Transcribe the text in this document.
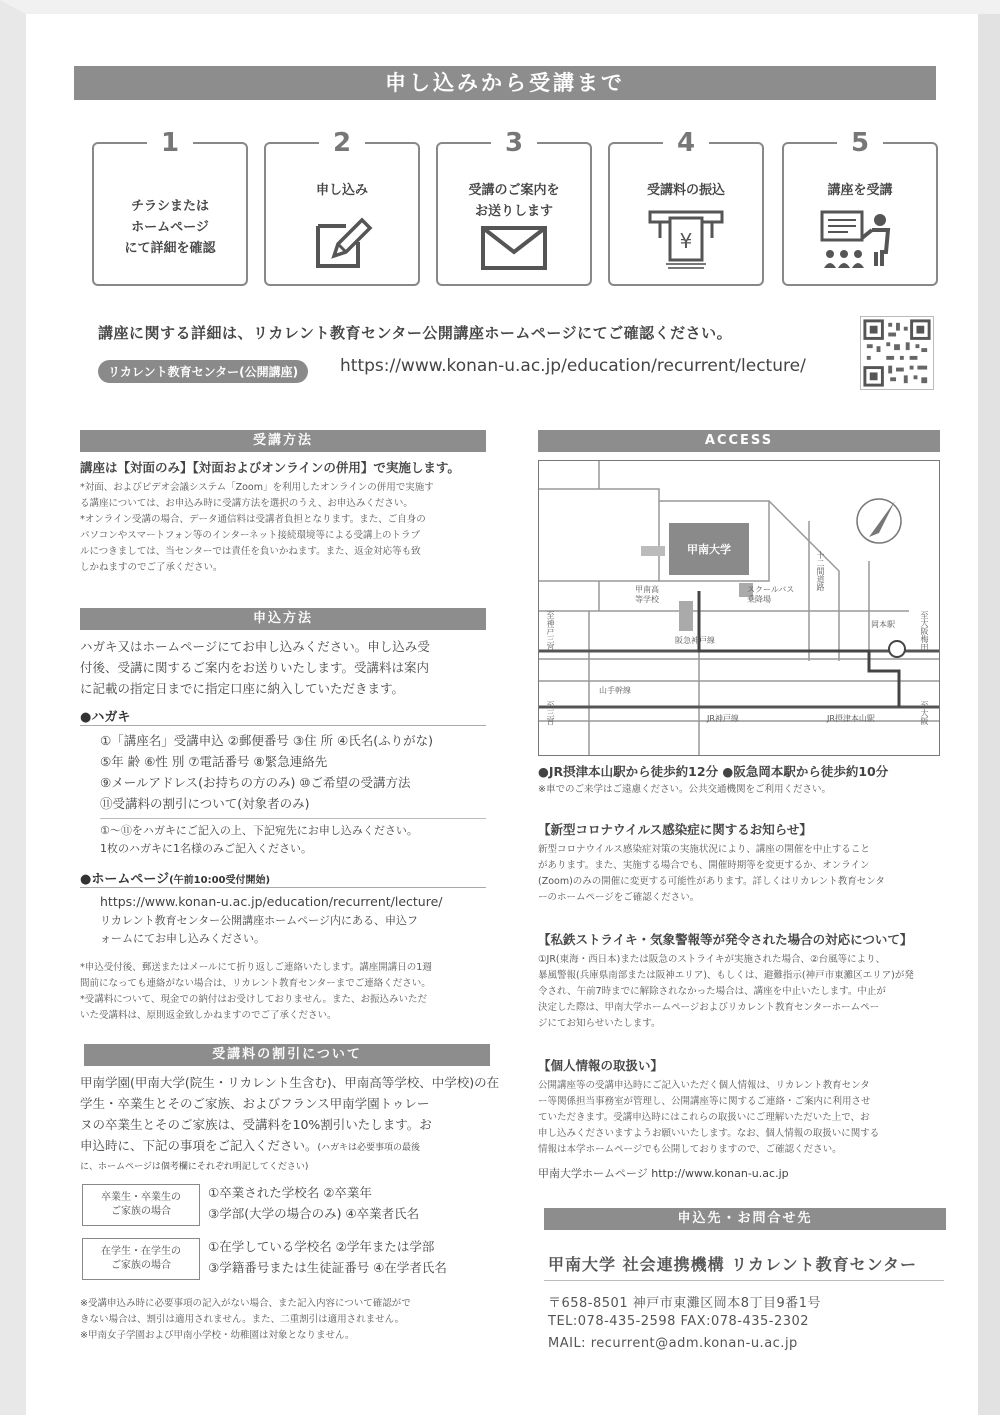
申し込みから受講まで
1
チラシまたは
ホームページ
にて詳細を確認
2
申し込み
3
受講のご案内を
お送りします
4
受講料の振込
¥
5
講座を受講
講座に関する詳細は、リカレント教育センター公開講座ホームページにてご確認ください。
リカレント教育センター(公開講座)	https://www.konan-u.ac.jp/education/recurrent/lecture/
受講方法
講座は【対面のみ】【対面およびオンラインの併用】で実施します。
*対面、およびビデオ会議システム「Zoom」を利用したオンラインの併用で実施す
る講座については、お申込み時に受講方法を選択のうえ、お申込みください。
*オンライン受講の場合、データ通信料は受講者負担となります。また、ご自身の
パソコンやスマートフォン等のインターネット接続環境等による受講上のトラブ
ルにつきましては、当センターでは責任を負いかねます。また、返金対応等も致
しかねますのでご了承ください。
申込方法
ハガキ又はホームページにてお申し込みください。申し込み受
付後、受講に関するご案内をお送りいたします。受講料は案内
に記載の指定日までに指定口座に納入していただきます。
●ハガキ
①「講座名」受講申込 ②郵便番号 ③住 所 ④氏名(ふりがな)
⑤年 齢 ⑥性 別 ⑦電話番号 ⑧緊急連絡先
⑨メールアドレス(お持ちの方のみ) ⑩ご希望の受講方法
⑪受講料の割引について(対象者のみ)
①〜⑪をハガキにご記入の上、下記宛先にお申し込みください。
1枚のハガキに1名様のみご記入ください。
●ホームページ(午前10:00受付開始)
https://www.konan-u.ac.jp/education/recurrent/lecture/
リカレント教育センター公開講座ホームページ内にある、申込フ
ォームにてお申し込みください。
*申込受付後、郵送またはメールにて折り返しご連絡いたします。講座開講日の1週
間前になっても連絡がない場合は、リカレント教育センターまでご連絡ください。
*受講料について、現金での納付はお受けしておりません。また、お振込みいただ
いた受講料は、原則返金致しかねますのでご了承ください。
受講料の割引について
甲南学園(甲南大学(院生・リカレント生含む)、甲南高等学校、中学校)の在
学生・卒業生とそのご家族、およびフランス甲南学園トゥレー
ヌの卒業生とそのご家族は、受講料を10%割引いたします。お
申込時に、下記の事項をご記入ください。(ハガキは必要事項の最後
に、ホームページは個考欄にそれぞれ明記してください)
卒業生・卒業生の
ご家族の場合
①卒業された学校名 ②卒業年
③学部(大学の場合のみ) ④卒業者氏名
在学生・在学生の
ご家族の場合
①在学している学校名 ②学年または学部
③学籍番号または生徒証番号 ④在学者氏名
※受講申込み時に必要事項の記入がない場合、また記入内容について確認がで
きない場合は、割引は適用されません。また、二重割引は適用されません。
※甲南女子学園および甲南小学校・幼稚園は対象となりません。
ACCESS
甲南大学
スクールバス
乗降場
甲南高
等学校
十二間道路
阪急神戸線
岡本駅	至大阪梅田
JR神戸線	JR摂津本山駅
至神戸三宮
至三宮	至大阪
山手幹線
●JR摂津本山駅から徒歩約12分 ●阪急岡本駅から徒歩約10分
※車でのご来学はご遠慮ください。公共交通機関をご利用ください。
【新型コロナウイルス感染症に関するお知らせ】
新型コロナウイルス感染症対策の実施状況により、講座の開催を中止すること
があります。また、実施する場合でも、開催時期等を変更するか、オンライン
(Zoom)のみの開催に変更する可能性があります。詳しくはリカレント教育センタ
ーのホームページをご確認ください。
【私鉄ストライキ・気象警報等が発令された場合の対応について】
①JR(東海・西日本)または阪急のストライキが実施された場合、②台風等により、
暴風警報(兵庫県南部または阪神エリア)、もしくは、避難指示(神戸市東灘区エリア)が発
令され、午前7時までに解除されなかった場合は、講座を中止いたします。中止が
決定した際は、甲南大学ホームページおよびリカレント教育センターホームペー
ジにてお知らせいたします。
【個人情報の取扱い】
公開講座等の受講申込時にご記入いただく個人情報は、リカレント教育センタ
ー等関係担当事務室が管理し、公開講座等に関するご連絡・ご案内に利用させ
ていただきます。受講申込時にはこれらの取扱いにご理解いただいた上で、お
申し込みくださいますようお願いいたします。なお、個人情報の取扱いに関する
情報は本学ホームページでも公開しておりますので、ご確認ください。
甲南大学ホームページ http://www.konan-u.ac.jp
申込先・お問合せ先
甲南大学 社会連携機構 リカレント教育センター
〒658-8501 神戸市東灘区岡本8丁目9番1号
TEL:078-435-2598 FAX:078-435-2302
MAIL: recurrent@adm.konan-u.ac.jp
